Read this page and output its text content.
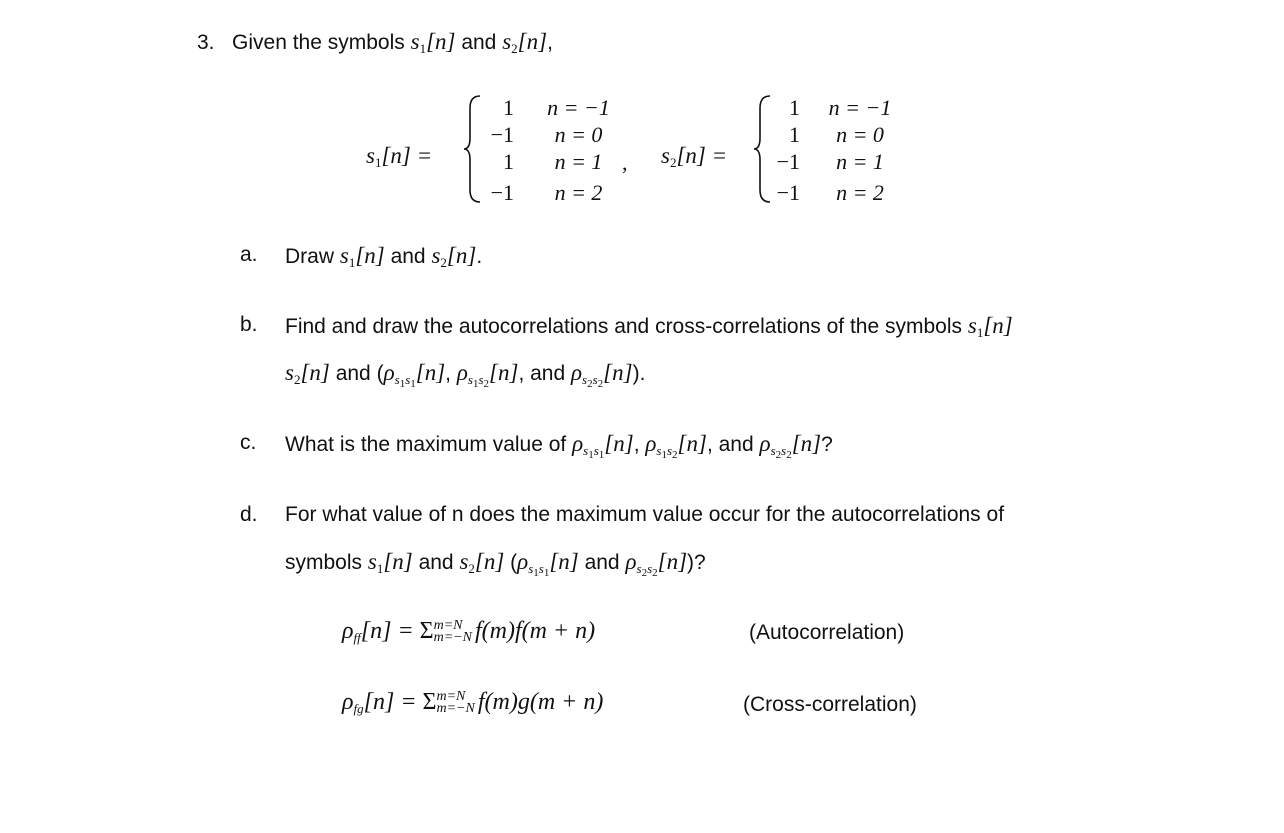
3. Given the symbols $s_1[n]$ and $s_2[n]$,
$s_1[n]$ =
1
−1
1
−1
n = −1
n = 0
n = 1
n = 2
, $s_2[n]$ =
1
1
−1
−1
n = −1
n = 0
n = 1
n = 2
a. Draw $s_1[n]$ and $s_2[n]$.
b. Find and draw the autocorrelations and cross-correlations of the symbols $s_1[n]$
$s_2[n]$ and ($\rho_{s_1s_1}[n]$, $\rho_{s_1s_2}[n]$, and $\rho_{s_2s_2}[n]$).
c. What is the maximum value of $\rho_{s_1s_1}[n]$, $\rho_{s_1s_2}[n]$, and $\rho_{s_2s_2}[n]$?
d. For what value of n does the maximum value occur for the autocorrelations of
symbols $s_1[n]$ and $s_2[n]$ ($\rho_{s_1s_1}[n]$ and $\rho_{s_2s_2}[n]$)?
$\rho_{ff}[n] = \Sigma$ m=N
m=−N f(m)f(m + n)	(Autocorrelation)
$\rho_{fg}[n] = \Sigma$ m=N
m=−N f(m)g(m + n)	(Cross-correlation)
